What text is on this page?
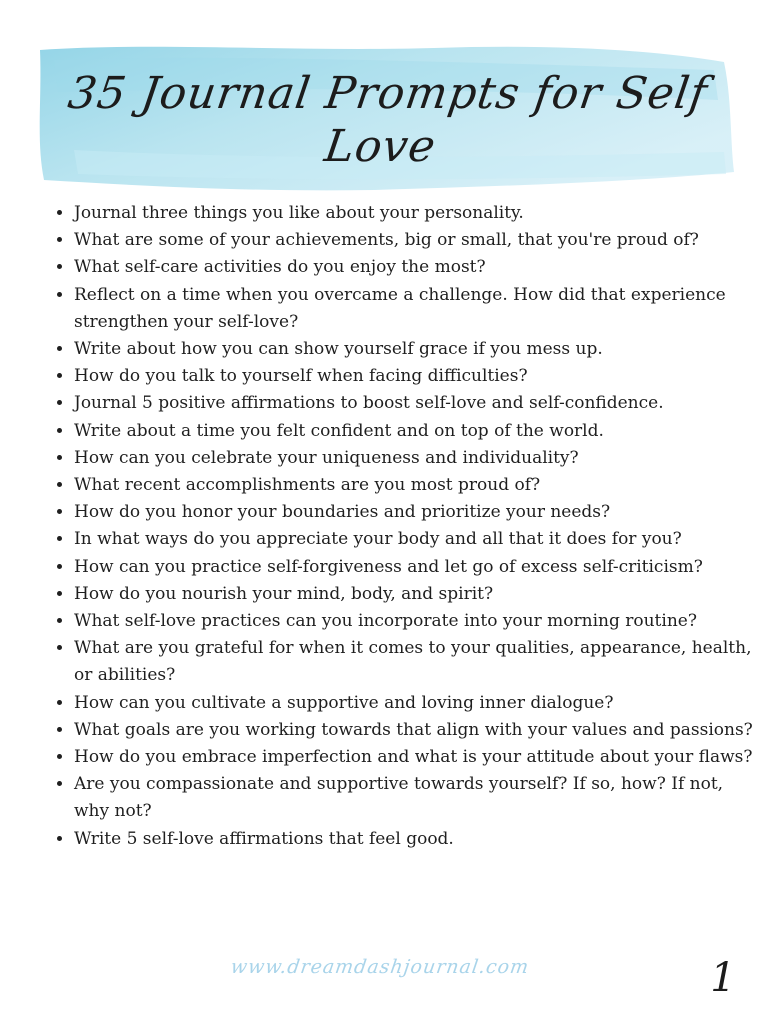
35 Journal Prompts for Self Love
• Journal three things you like about your personality.
• What are some of your achievements, big or small, that you're proud of?
• What self-care activities do you enjoy the most?
• Reflect on a time when you overcame a challenge. How did that experience strengthen your self-love?
• Write about how you can show yourself grace if you mess up.
• How do you talk to yourself when facing difficulties?
• Journal 5 positive affirmations to boost self-love and self-confidence.
• Write about a time you felt confident and on top of the world.
• How can you celebrate your uniqueness and individuality?
• What recent accomplishments are you most proud of?
• How do you honor your boundaries and prioritize your needs?
• In what ways do you appreciate your body and all that it does for you?
• How can you practice self-forgiveness and let go of excess self-criticism?
• How do you nourish your mind, body, and spirit?
• What self-love practices can you incorporate into your morning routine?
• What are you grateful for when it comes to your qualities, appearance, health, or abilities?
• How can you cultivate a supportive and loving inner dialogue?
• What goals are you working towards that align with your values and passions?
• How do you embrace imperfection and what is your attitude about your flaws?
• Are you compassionate and supportive towards yourself? If so, how? If not, why not?
• Write 5 self-love affirmations that feel good.
www.dreamdashjournal.com	1
